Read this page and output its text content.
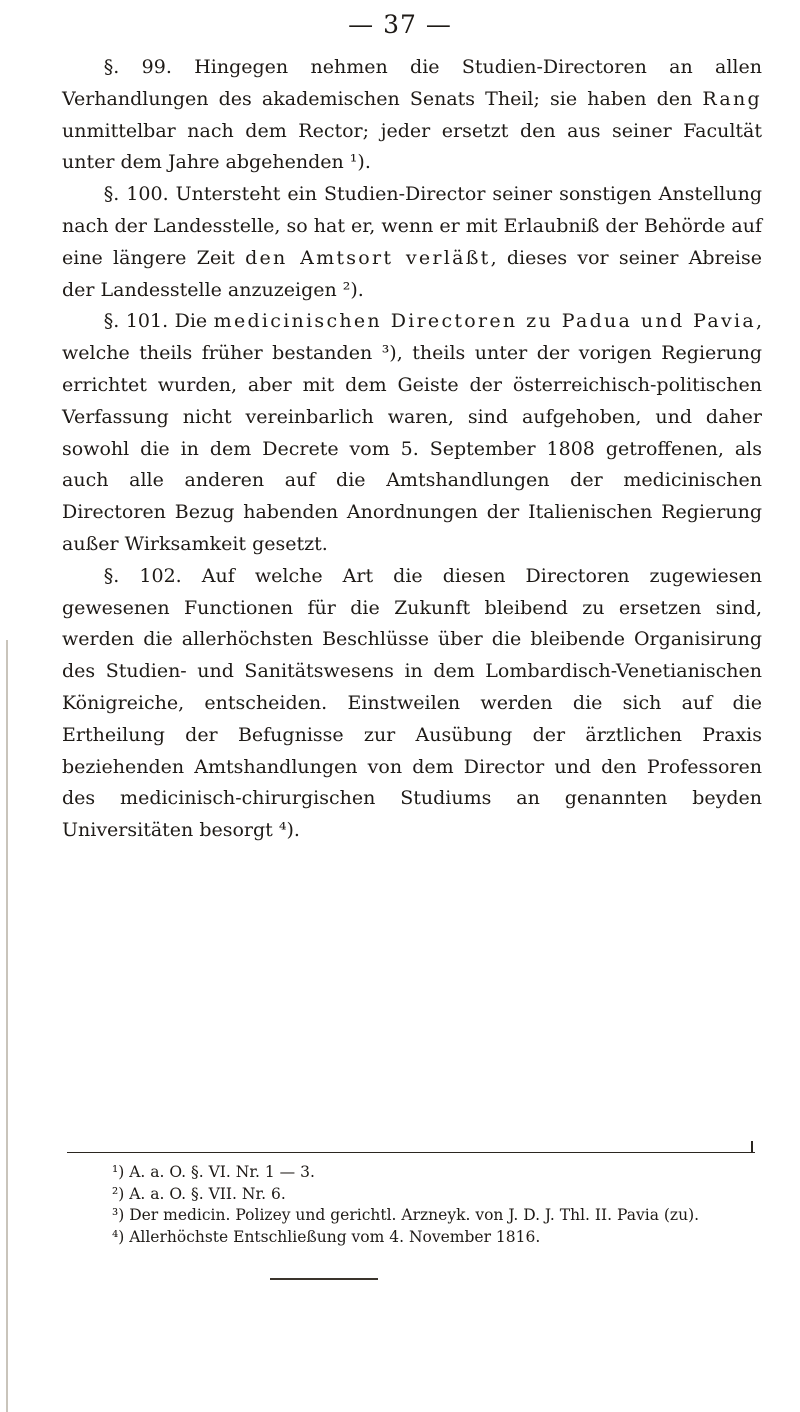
— 37 —

§. 99. Hingegen nehmen die Studien-Directoren an allen Verhandlungen des akademischen Senats Theil; sie haben den Rang unmittelbar nach dem Rector; jeder ersetzt den aus seiner Facultät unter dem Jahre abgehenden ¹).

§. 100. Untersteht ein Studien-Director seiner sonstigen Anstellung nach der Landesstelle, so hat er, wenn er mit Erlaubniß der Behörde auf eine längere Zeit den Amtsort verläßt, dieses vor seiner Abreise der Landesstelle anzuzeigen ²).

§. 101. Die medicinischen Directoren zu Padua und Pavia, welche theils früher bestanden ³), theils unter der vorigen Regierung errichtet wurden, aber mit dem Geiste der österreichisch-politischen Verfassung nicht vereinbarlich waren, sind aufgehoben, und daher sowohl die in dem Decrete vom 5. September 1808 getroffenen, als auch alle anderen auf die Amtshandlungen der medicinischen Directoren Bezug habenden Anordnungen der Italienischen Regierung außer Wirksamkeit gesetzt.

§. 102. Auf welche Art die diesen Directoren zugewiesen gewesenen Functionen für die Zukunft bleibend zu ersetzen sind, werden die allerhöchsten Beschlüsse über die bleibende Organisirung des Studien- und Sanitätswesens in dem Lombardisch-Venetianischen Königreiche, entscheiden. Einstweilen werden die sich auf die Ertheilung der Befugnisse zur Ausübung der ärztlichen Praxis beziehenden Amtshandlungen von dem Director und den Professoren des medicinisch-chirurgischen Studiums an genannten beyden Universitäten besorgt ⁴).

¹) A. a. O. §. VI. Nr. 1 — 3.

²) A. a. O. §. VII. Nr. 6.

³) Der medicin. Polizey und gerichtl. Arzneyk. von J. D. J. Thl. II. Pavia (zu).

⁴) Allerhöchste Entschließung vom 4. November 1816.
